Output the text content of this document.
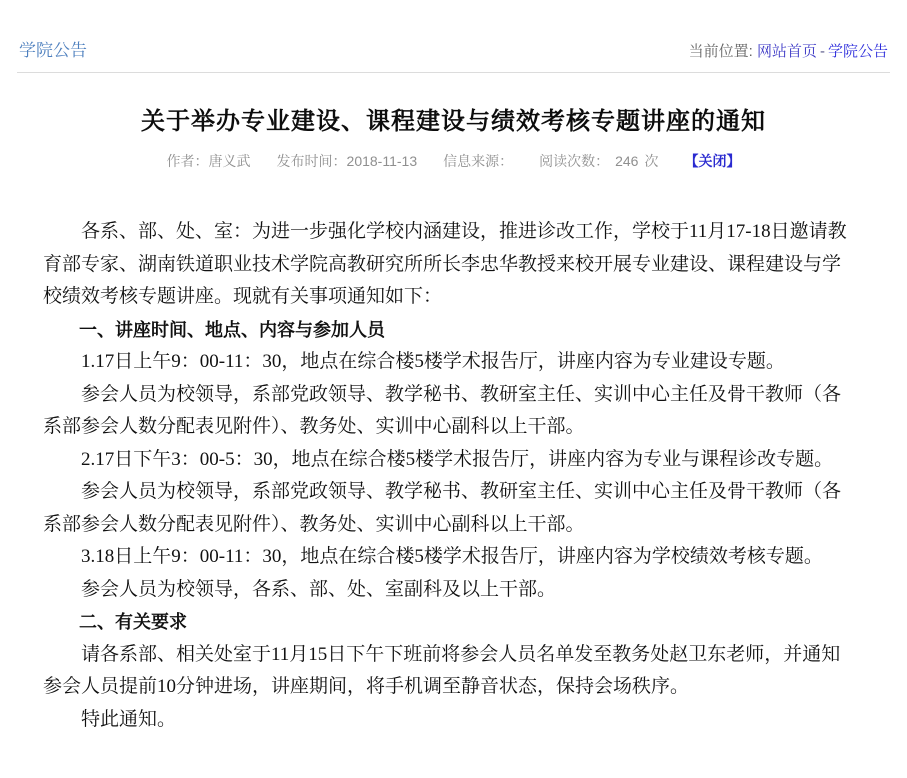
学院公告	当前位置: 网站首页 - 学院公告
关于举办专业建设、课程建设与绩效考核专题讲座的通知
作者：唐义武 发布时间：2018-11-13 信息来源： 阅读次数： 246 次 【关闭】

各系、部、处、室：为进一步强化学校内涵建设，推进诊改工作，学校于11月17-18日邀请教育部专家、湖南铁道职业技术学院高教研究所所长李忠华教授来校开展专业建设、课程建设与学校绩效考核专题讲座。现就有关事项通知如下：

一、讲座时间、地点、内容与参加人员

1.17日上午9：00-11：30，地点在综合楼5楼学术报告厅，讲座内容为专业建设专题。

参会人员为校领导，系部党政领导、教学秘书、教研室主任、实训中心主任及骨干教师（各系部参会人数分配表见附件）、教务处、实训中心副科以上干部。

2.17日下午3：00-5：30，地点在综合楼5楼学术报告厅，讲座内容为专业与课程诊改专题。

参会人员为校领导，系部党政领导、教学秘书、教研室主任、实训中心主任及骨干教师（各系部参会人数分配表见附件）、教务处、实训中心副科以上干部。

3.18日上午9：00-11：30，地点在综合楼5楼学术报告厅，讲座内容为学校绩效考核专题。

参会人员为校领导，各系、部、处、室副科及以上干部。

二、有关要求

请各系部、相关处室于11月15日下午下班前将参会人员名单发至教务处赵卫东老师，并通知参会人员提前10分钟进场，讲座期间，将手机调至静音状态，保持会场秩序。

特此通知。
